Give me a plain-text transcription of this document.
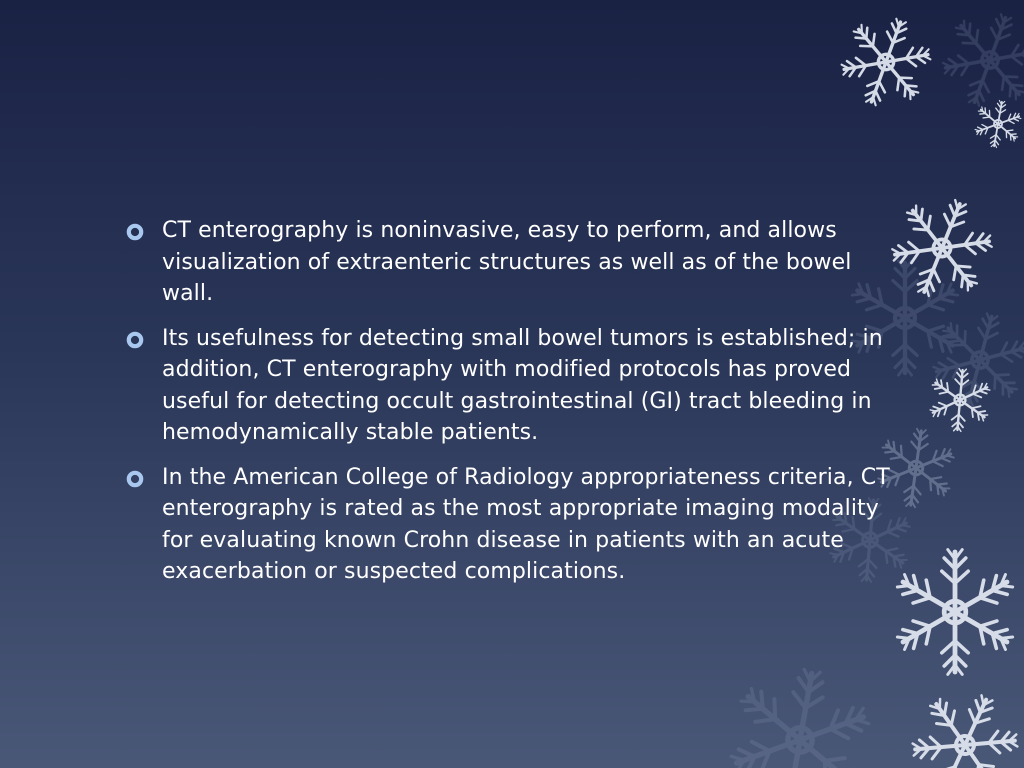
CT enterography is noninvasive, easy to perform, and allows visualization of extraenteric structures as well as of the bowel wall.
Its usefulness for detecting small bowel tumors is established; in addition, CT enterography with modified protocols has proved useful for detecting occult gastrointestinal (GI) tract bleeding in hemodynamically stable patients.
In the American College of Radiology appropriateness criteria, CT enterography is rated as the most appropriate imaging modality for evaluating known Crohn disease in patients with an acute exacerbation or suspected complications.
